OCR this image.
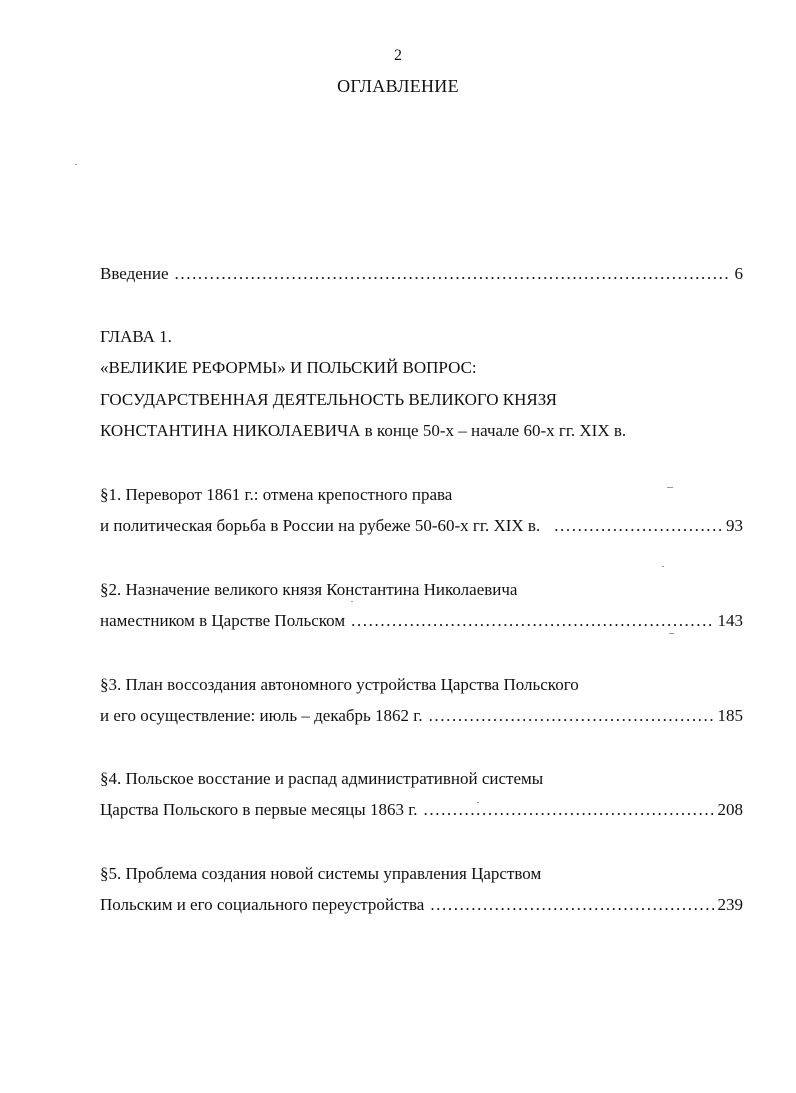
2
ОГЛАВЛЕНИЕ
Введение .....	6
ГЛАВА 1.
«ВЕЛИКИЕ РЕФОРМЫ» И ПОЛЬСКИЙ ВОПРОС:
ГОСУДАРСТВЕННАЯ ДЕЯТЕЛЬНОСТЬ ВЕЛИКОГО КНЯЗЯ
КОНСТАНТИНА НИКОЛАЕВИЧА в конце 50-х – начале 60-х гг. XIX в.
§1. Переворот 1861 г.: отмена крепостного права
и политическая борьба в России на рубеже 50-60-х гг. XIX в. .....	93
§2. Назначение великого князя Константина Николаевича
наместником в Царстве Польском .....	143
§3. План воссоздания автономного устройства Царства Польского
и его осуществление: июль – декабрь 1862 г. .....	185
§4. Польское восстание и распад административной системы
Царства Польского в первые месяцы 1863 г. .....	208
§5. Проблема создания новой системы управления Царством
Польским и его социального переустройства .....	239
